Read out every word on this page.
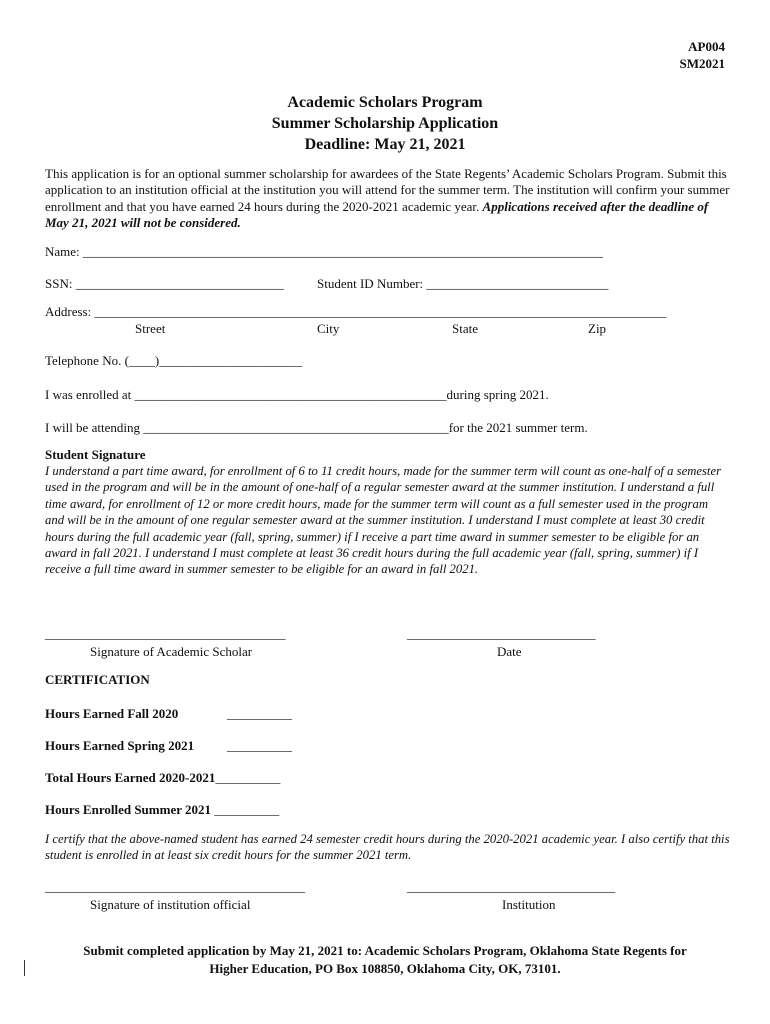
AP004
SM2021
Academic Scholars Program
Summer Scholarship Application
Deadline: May 21, 2021
This application is for an optional summer scholarship for awardees of the State Regents’ Academic Scholars Program. Submit this application to an institution official at the institution you will attend for the summer term. The institution will confirm your summer enrollment and that you have earned 24 hours during the 2020-2021 academic year. Applications received after the deadline of May 21, 2021 will not be considered.
Name: ________________________________________________________________________________
SSN: ________________________________	Student ID Number: ____________________________
Address: ________________________________________________________________________________________
Street	City	State	Zip
Telephone No. (____)______________________
I was enrolled at ________________________________________________during spring 2021.
I will be attending _______________________________________________for the 2021 summer term.
Student Signature
I understand a part time award, for enrollment of 6 to 11 credit hours, made for the summer term will count as one-half of a semester used in the program and will be in the amount of one-half of a regular semester award at the summer institution. I understand a full time award, for enrollment of 12 or more credit hours, made for the summer term will count as a full semester used in the program and will be in the amount of one regular semester award at the summer institution. I understand I must complete at least 30 credit hours during the full academic year (fall, spring, summer) if I receive a part time award in summer semester to be eligible for an award in fall 2021. I understand I must complete at least 36 credit hours during the full academic year (fall, spring, summer) if I receive a full time award in summer semester to be eligible for an award in fall 2021.
_____________________________________
Signature of Academic Scholar
_____________________________
Date
CERTIFICATION
Hours Earned Fall 2020	__________
Hours Earned Spring 2021	__________
Total Hours Earned 2020-2021__________
Hours Enrolled Summer 2021 __________
I certify that the above-named student has earned 24 semester credit hours during the 2020-2021 academic year. I also certify that this student is enrolled in at least six credit hours for the summer 2021 term.
________________________________________
Signature of institution official
________________________________
Institution
Submit completed application by May 21, 2021 to: Academic Scholars Program, Oklahoma State Regents for
Higher Education, PO Box 108850, Oklahoma City, OK, 73101.
